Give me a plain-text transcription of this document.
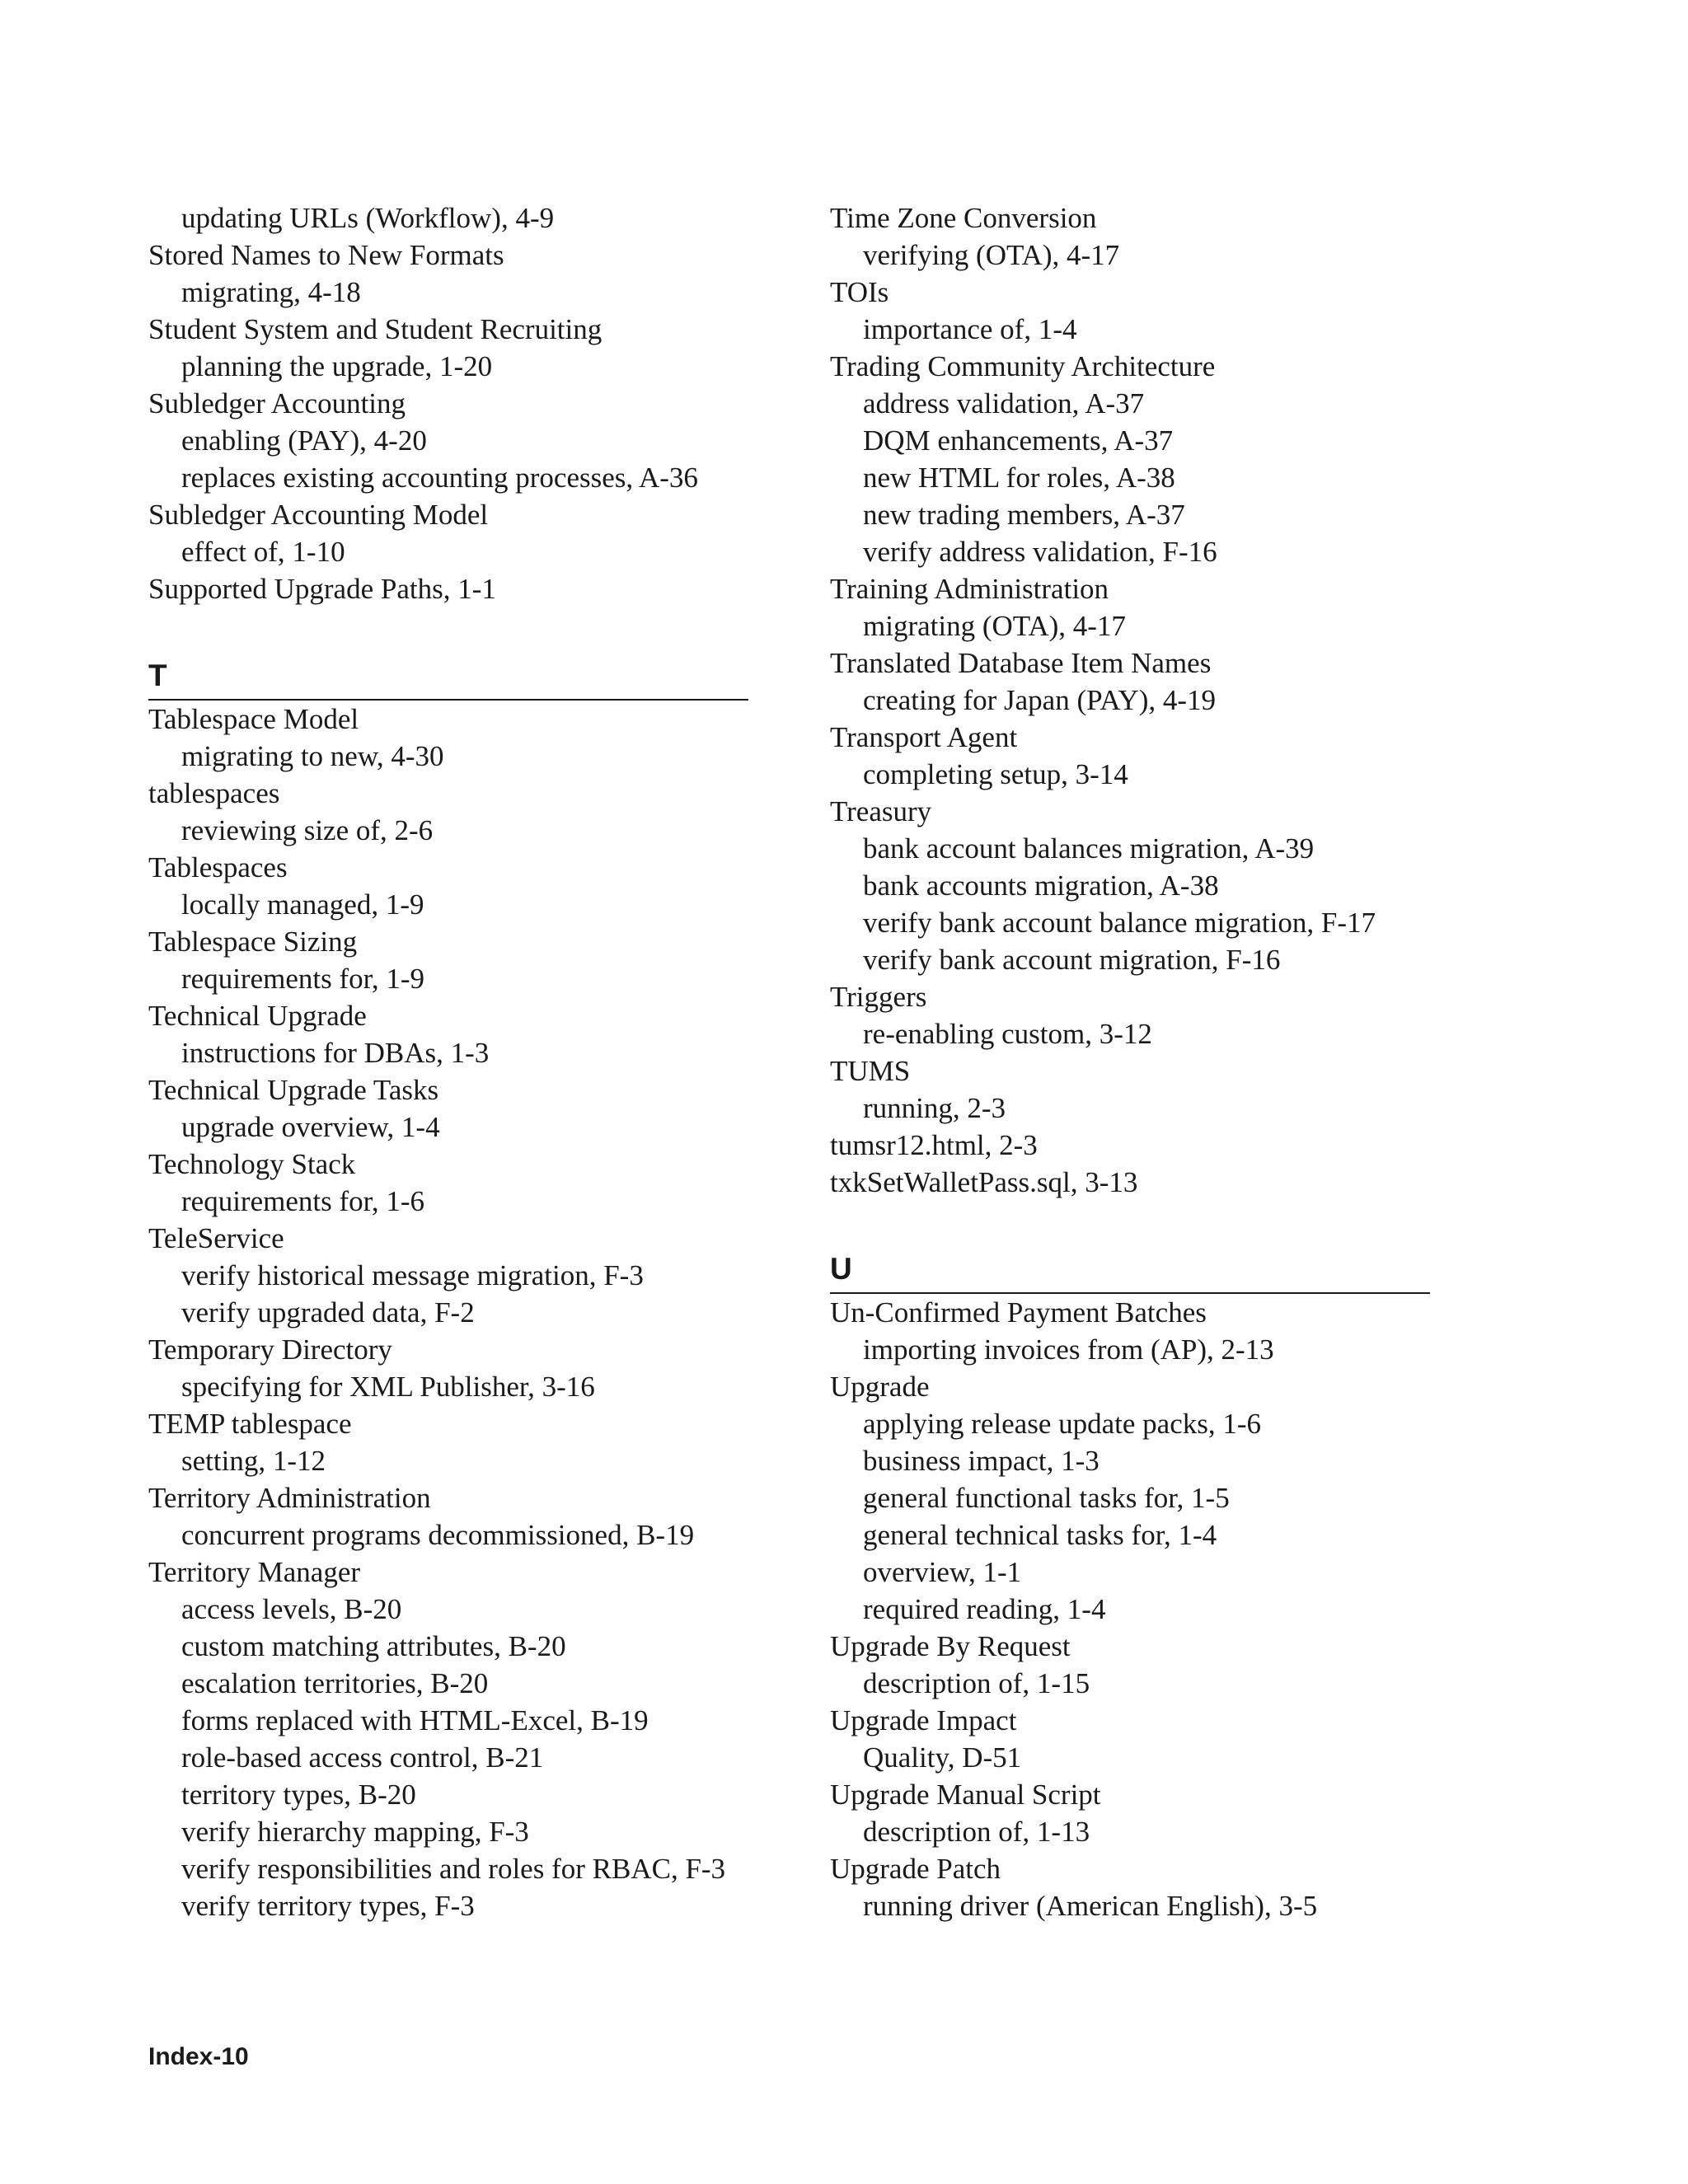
updating URLs (Workflow), 4-9
Stored Names to New Formats
migrating, 4-18
Student System and Student Recruiting
planning the upgrade, 1-20
Subledger Accounting
enabling (PAY), 4-20
replaces existing accounting processes, A-36
Subledger Accounting Model
effect of, 1-10
Supported Upgrade Paths, 1-1
T
Tablespace Model
migrating to new, 4-30
tablespaces
reviewing size of, 2-6
Tablespaces
locally managed, 1-9
Tablespace Sizing
requirements for, 1-9
Technical Upgrade
instructions for DBAs, 1-3
Technical Upgrade Tasks
upgrade overview, 1-4
Technology Stack
requirements for, 1-6
TeleService
verify historical message migration, F-3
verify upgraded data, F-2
Temporary Directory
specifying for XML Publisher, 3-16
TEMP tablespace
setting, 1-12
Territory Administration
concurrent programs decommissioned, B-19
Territory Manager
access levels, B-20
custom matching attributes, B-20
escalation territories, B-20
forms replaced with HTML-Excel, B-19
role-based access control, B-21
territory types, B-20
verify hierarchy mapping, F-3
verify responsibilities and roles for RBAC, F-3
verify territory types, F-3
Time Zone Conversion
verifying (OTA), 4-17
TOIs
importance of, 1-4
Trading Community Architecture
address validation, A-37
DQM enhancements, A-37
new HTML for roles, A-38
new trading members, A-37
verify address validation, F-16
Training Administration
migrating (OTA), 4-17
Translated Database Item Names
creating for Japan (PAY), 4-19
Transport Agent
completing setup, 3-14
Treasury
bank account balances migration, A-39
bank accounts migration, A-38
verify bank account balance migration, F-17
verify bank account migration, F-16
Triggers
re-enabling custom, 3-12
TUMS
running, 2-3
tumsr12.html, 2-3
txkSetWalletPass.sql, 3-13
U
Un-Confirmed Payment Batches
importing invoices from (AP), 2-13
Upgrade
applying release update packs, 1-6
business impact, 1-3
general functional tasks for, 1-5
general technical tasks for, 1-4
overview, 1-1
required reading, 1-4
Upgrade By Request
description of, 1-15
Upgrade Impact
Quality, D-51
Upgrade Manual Script
description of, 1-13
Upgrade Patch
running driver (American English), 3-5
Index-10
